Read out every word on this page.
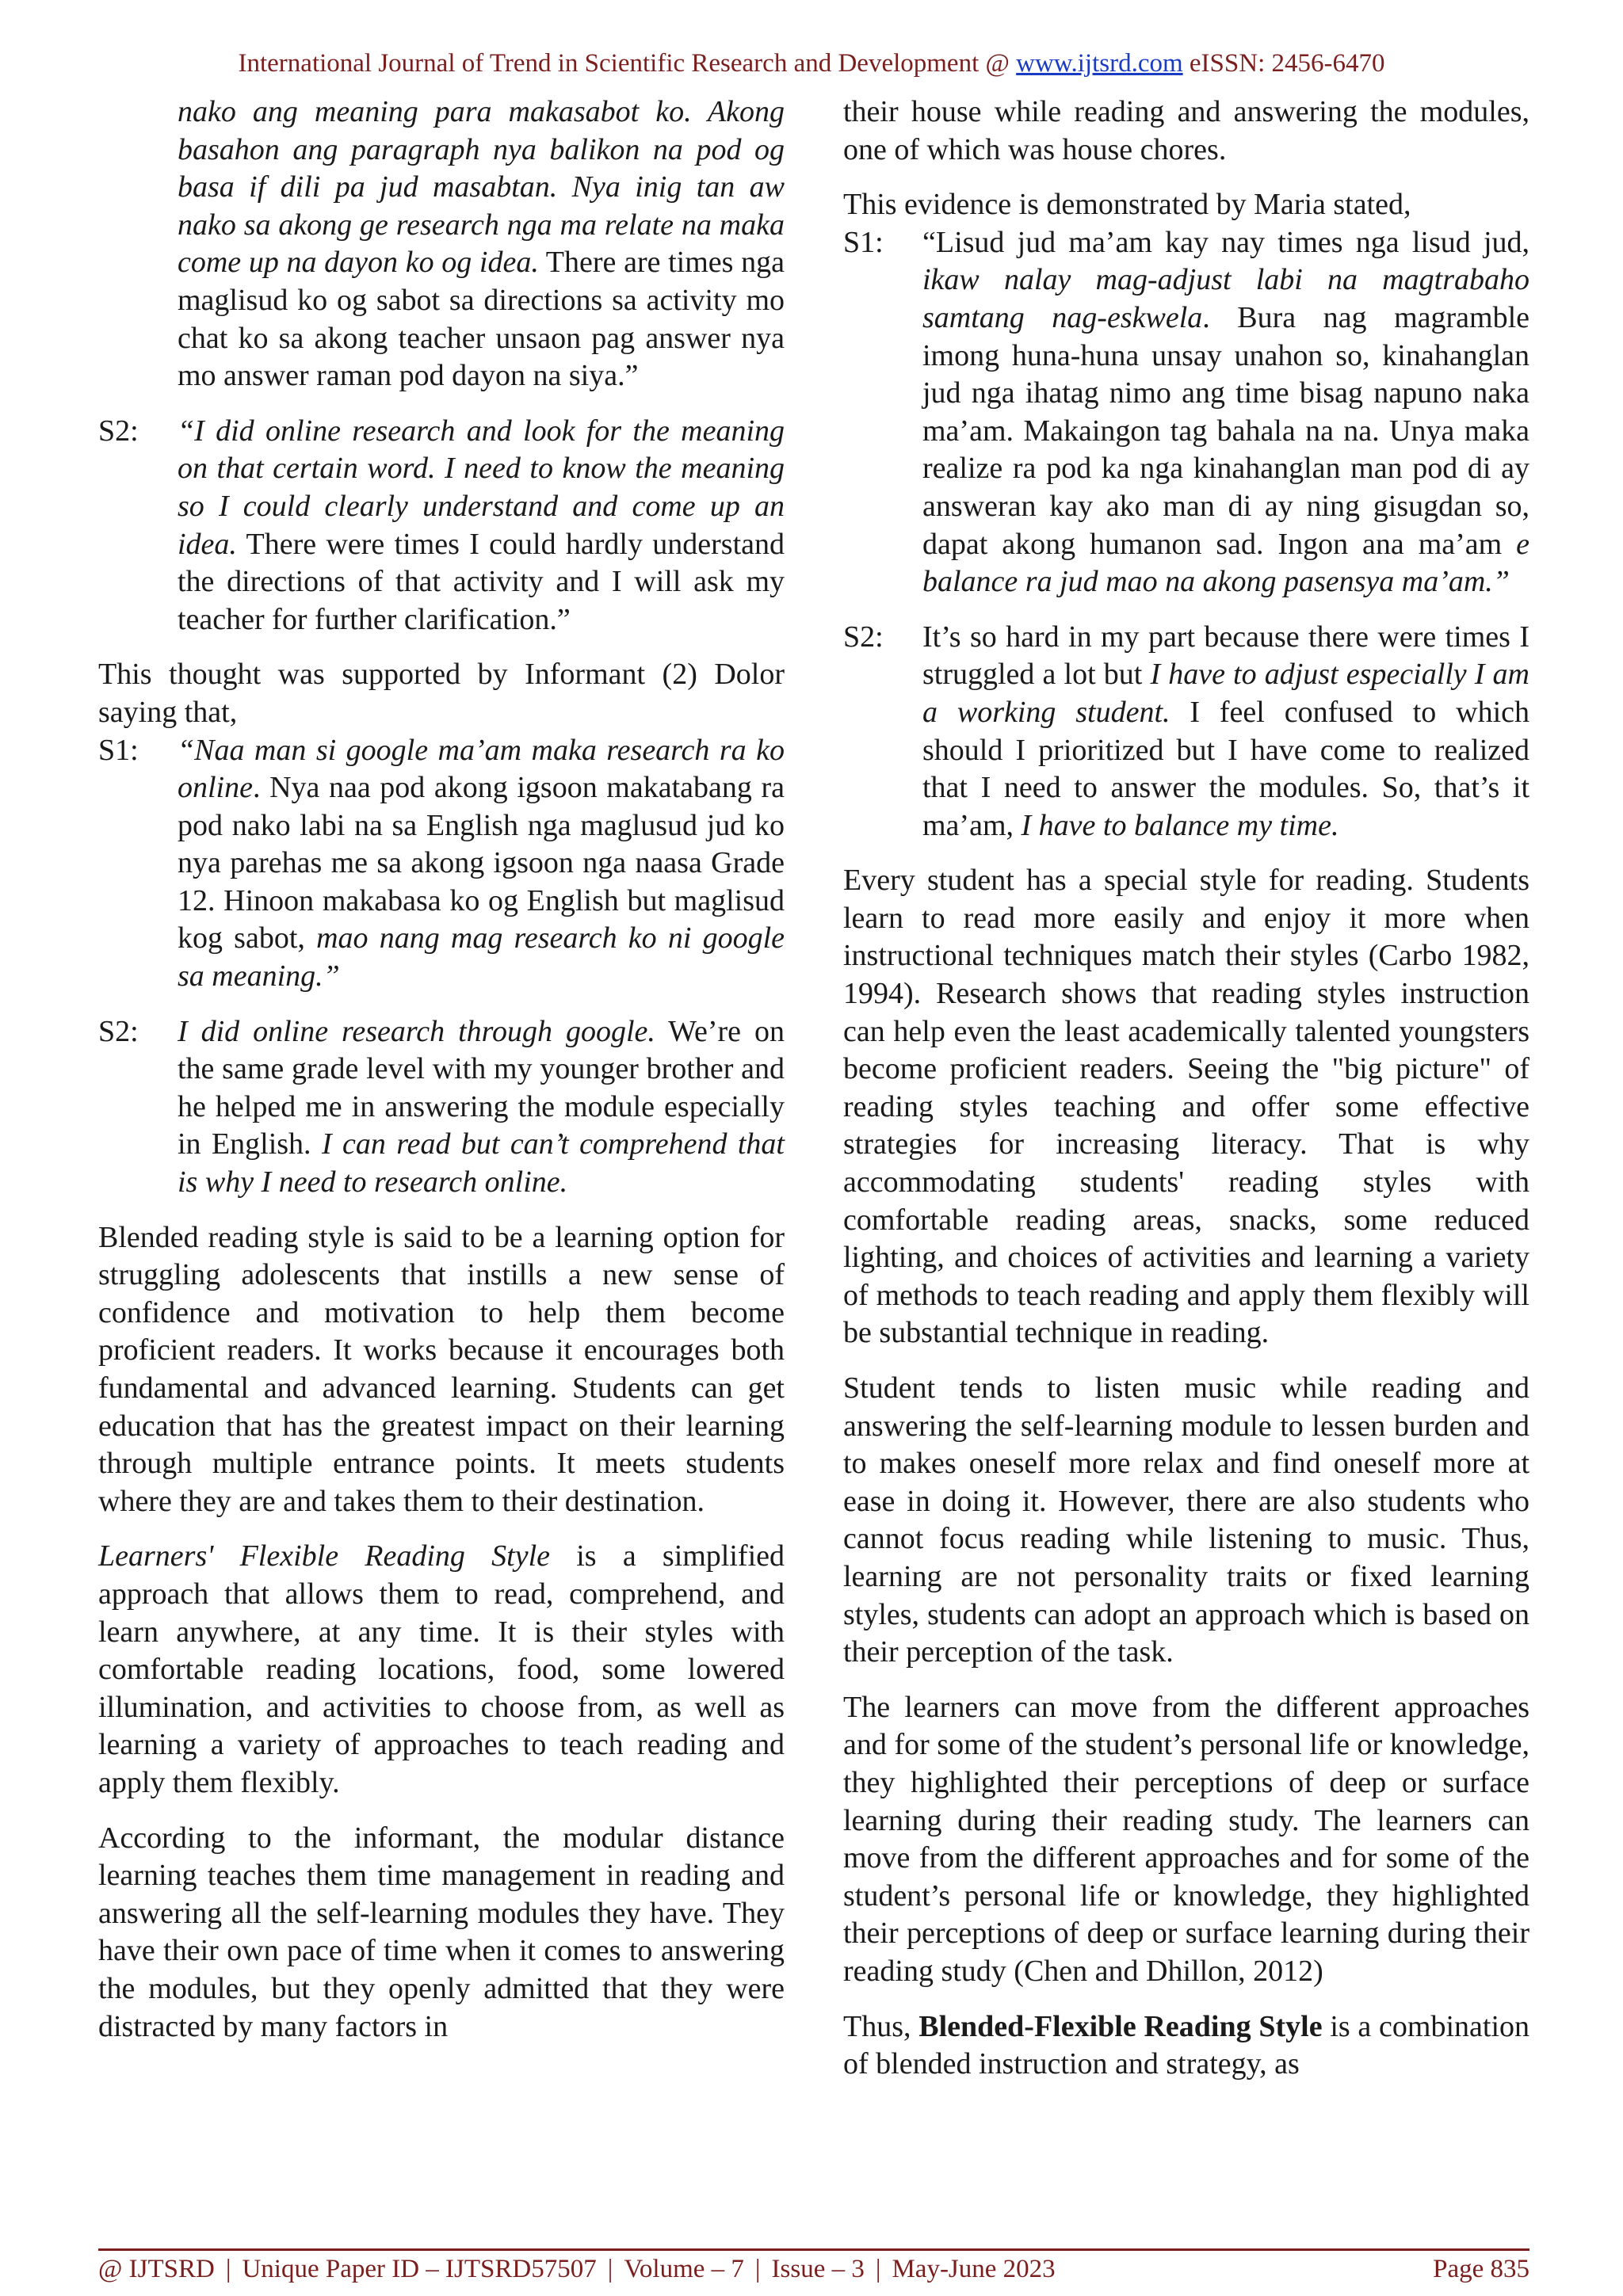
International Journal of Trend in Scientific Research and Development @ www.ijtsrd.com eISSN: 2456-6470

nako ang meaning para makasabot ko. Akong basahon ang paragraph nya balikon na pod og basa if dili pa jud masabtan. Nya inig tan aw nako sa akong ge research nga ma relate na maka come up na dayon ko og idea. There are times nga maglisud ko og sabot sa directions sa activity mo chat ko sa akong teacher unsaon pag answer nya mo answer raman pod dayon na siya.”

S2:	“I did online research and look for the meaning on that certain word. I need to know the meaning so I could clearly understand and come up an idea. There were times I could hardly understand the directions of that activity and I will ask my teacher for further clarification.”

This thought was supported by Informant (2) Dolor saying that,

S1:	“Naa man si google ma’am maka research ra ko online. Nya naa pod akong igsoon makatabang ra pod nako labi na sa English nga maglusud jud ko nya parehas me sa akong igsoon nga naasa Grade 12. Hinoon makabasa ko og English but maglisud kog sabot, mao nang mag research ko ni google sa meaning.”
S2:	I did online research through google. We’re on the same grade level with my younger brother and he helped me in answering the module especially in English. I can read but can’t comprehend that is why I need to research online.

Blended reading style is said to be a learning option for struggling adolescents that instills a new sense of confidence and motivation to help them become proficient readers. It works because it encourages both fundamental and advanced learning. Students can get education that has the greatest impact on their learning through multiple entrance points. It meets students where they are and takes them to their destination.

Learners' Flexible Reading Style is a simplified approach that allows them to read, comprehend, and learn anywhere, at any time. It is their styles with comfortable reading locations, food, some lowered illumination, and activities to choose from, as well as learning a variety of approaches to teach reading and apply them flexibly.

According to the informant, the modular distance learning teaches them time management in reading and answering all the self-learning modules they have. They have their own pace of time when it comes to answering the modules, but they openly admitted that they were distracted by many factors in

their house while reading and answering the modules, one of which was house chores.

This evidence is demonstrated by Maria stated,

S1:	“Lisud jud ma’am kay nay times nga lisud jud, ikaw nalay mag-adjust labi na magtrabaho samtang nag-eskwela. Bura nag magramble imong huna-huna unsay unahon so, kinahanglan jud nga ihatag nimo ang time bisag napuno naka ma’am. Makaingon tag bahala na na. Unya maka realize ra pod ka nga kinahanglan man pod di ay answeran kay ako man di ay ning gisugdan so, dapat akong humanon sad. Ingon ana ma’am e balance ra jud mao na akong pasensya ma’am.”
S2:	It’s so hard in my part because there were times I struggled a lot but I have to adjust especially I am a working student. I feel confused to which should I prioritized but I have come to realized that I need to answer the modules. So, that’s it ma’am, I have to balance my time.

Every student has a special style for reading. Students learn to read more easily and enjoy it more when instructional techniques match their styles (Carbo 1982, 1994). Research shows that reading styles instruction can help even the least academically talented youngsters become proficient readers. Seeing the "big picture" of reading styles teaching and offer some effective strategies for increasing literacy. That is why accommodating students' reading styles with comfortable reading areas, snacks, some reduced lighting, and choices of activities and learning a variety of methods to teach reading and apply them flexibly will be substantial technique in reading.

Student tends to listen music while reading and answering the self-learning module to lessen burden and to makes oneself more relax and find oneself more at ease in doing it. However, there are also students who cannot focus reading while listening to music. Thus, learning are not personality traits or fixed learning styles, students can adopt an approach which is based on their perception of the task.

The learners can move from the different approaches and for some of the student’s personal life or knowledge, they highlighted their perceptions of deep or surface learning during their reading study. The learners can move from the different approaches and for some of the student’s personal life or knowledge, they highlighted their perceptions of deep or surface learning during their reading study (Chen and Dhillon, 2012)

Thus, Blended-Flexible Reading Style is a combination of blended instruction and strategy, as

@ IJTSRD | Unique Paper ID – IJTSRD57507 | Volume – 7 | Issue – 3 | May-June 2023	Page 835
